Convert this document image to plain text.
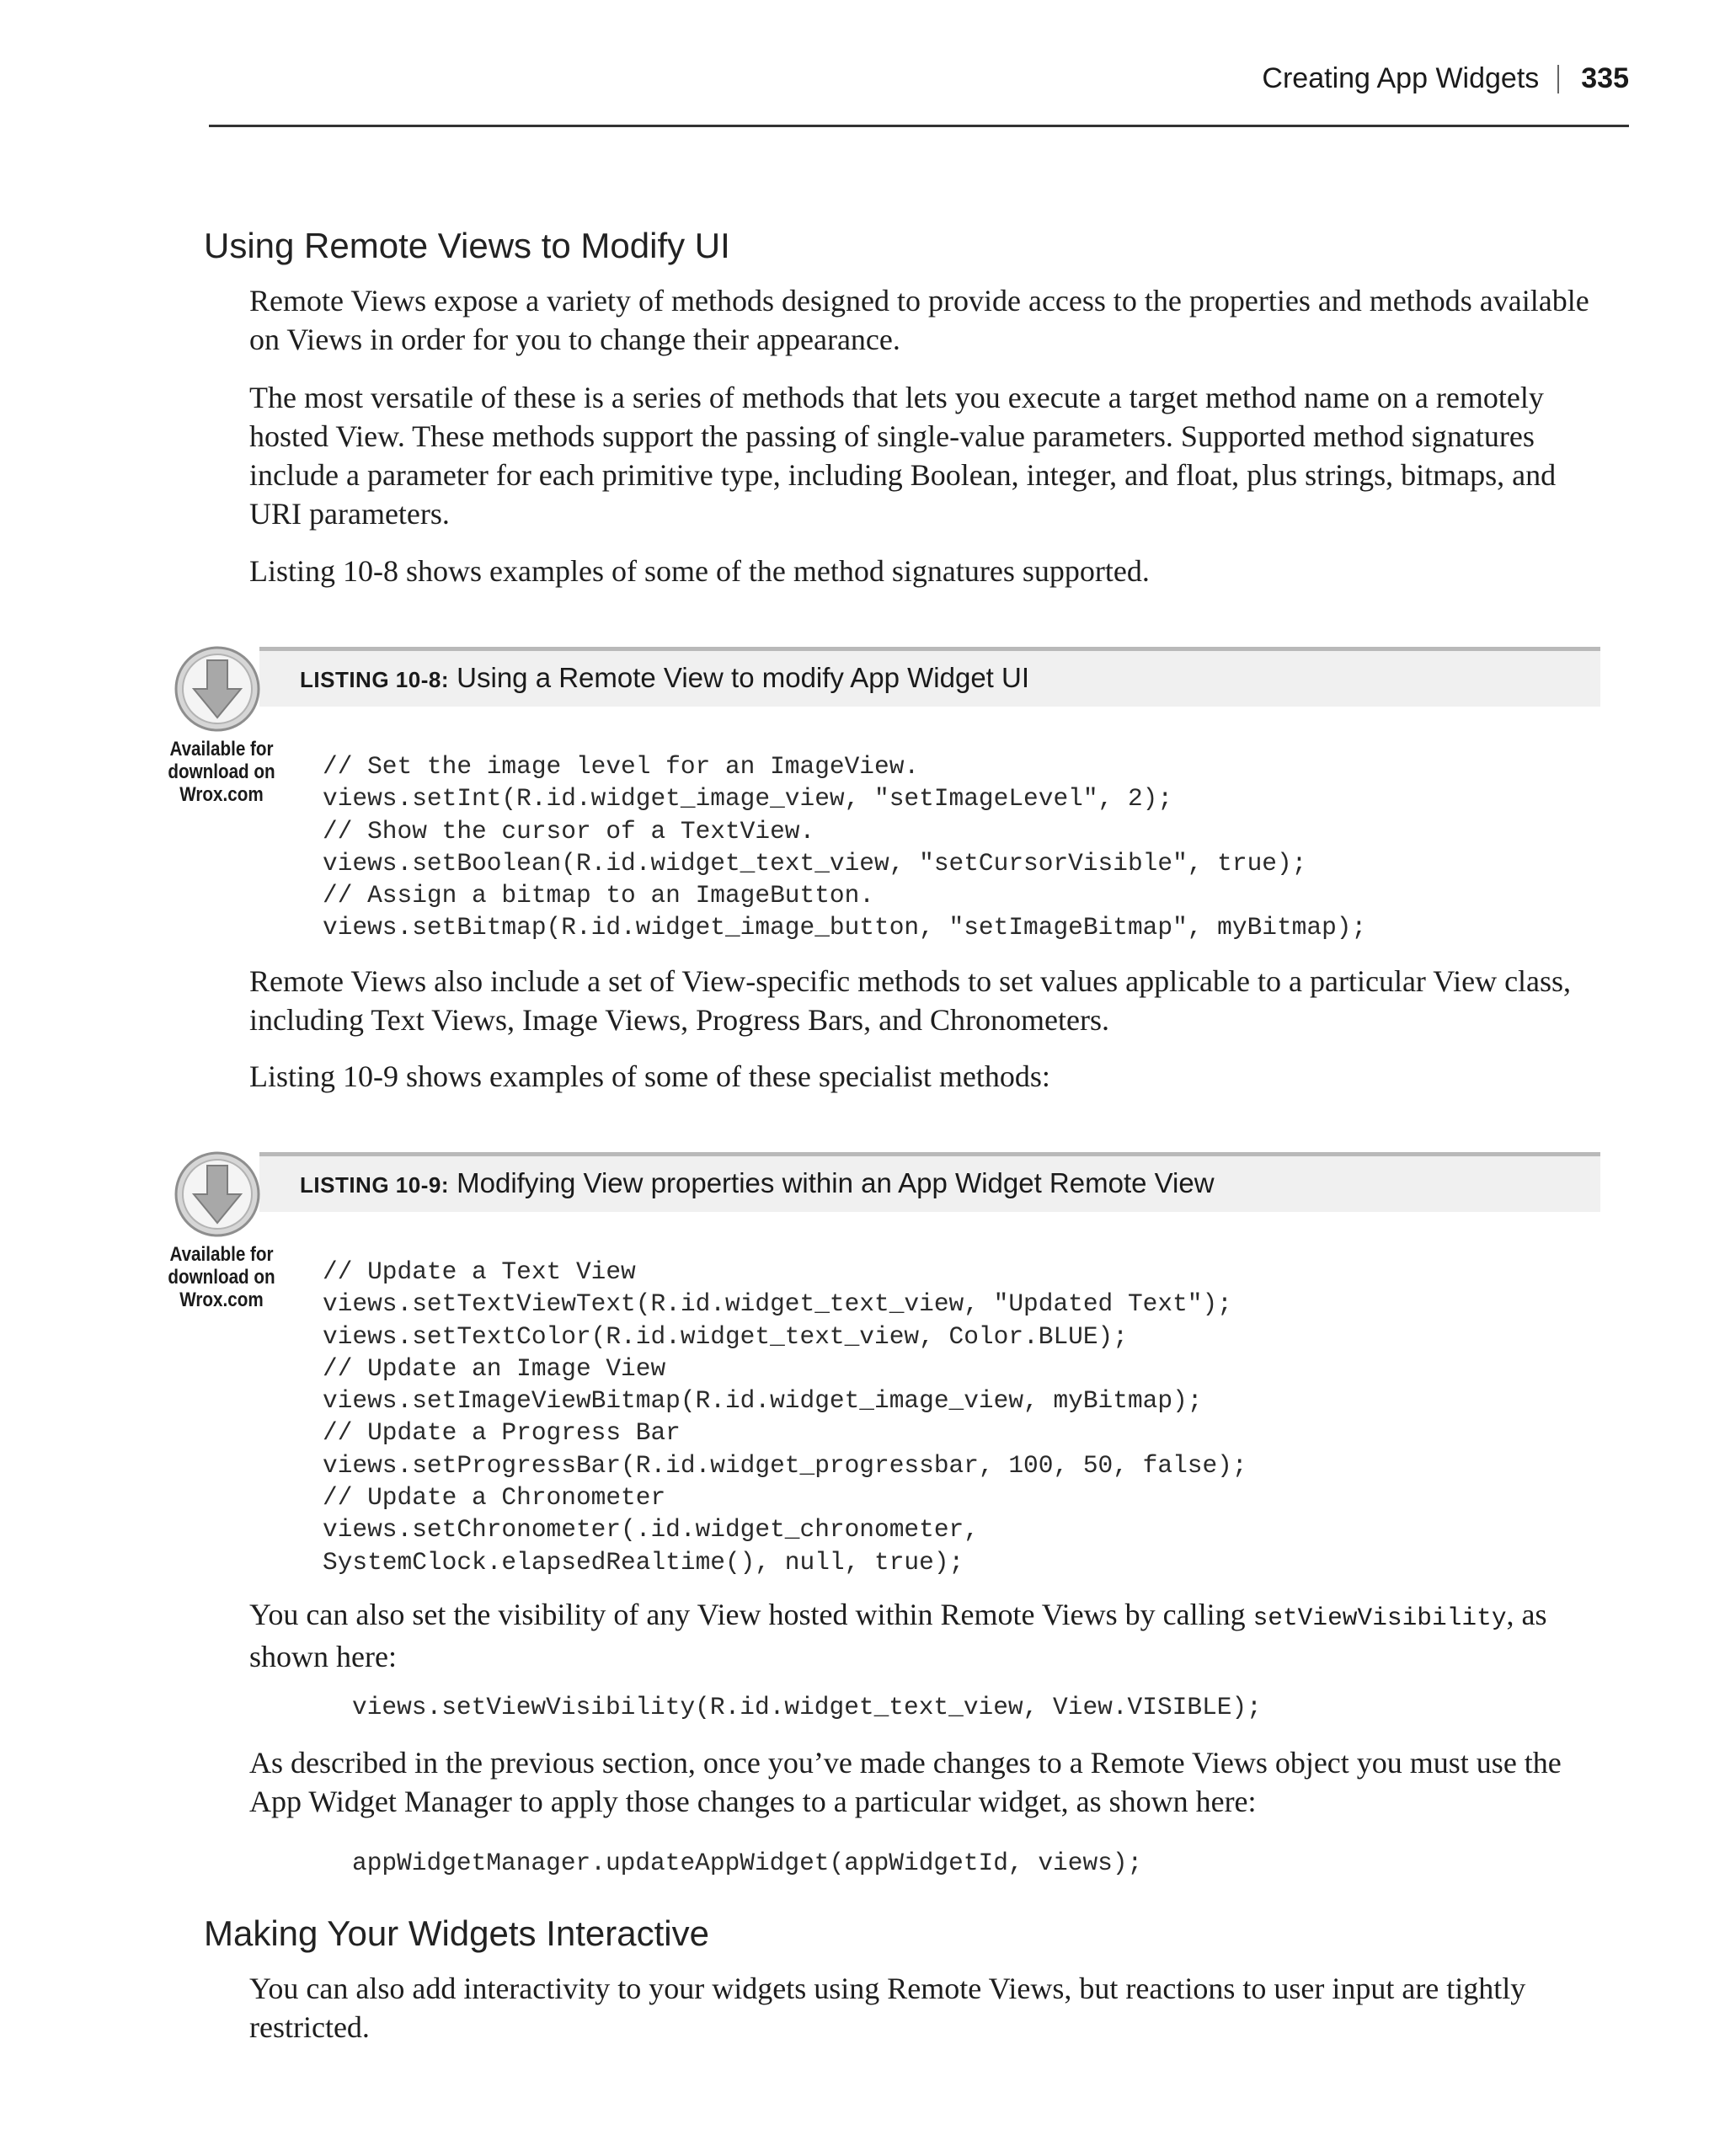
Creating App Widgets 335
Using Remote Views to Modify UI

Remote Views expose a variety of methods designed to provide access to the properties and methods available on Views in order for you to change their appearance.

The most versatile of these is a series of methods that lets you execute a target method name on a remotely hosted View. These methods support the passing of single-value parameters. Supported method signatures include a parameter for each primitive type, including Boolean, integer, and float, plus strings, bitmaps, and URI parameters.

Listing 10-8 shows examples of some of the method signatures supported.

LISTING 10-8: Using a Remote View to modify App Widget UI
Available for
download on
Wrox.com
// Set the image level for an ImageView.
views.setInt(R.id.widget_image_view, "setImageLevel", 2);
// Show the cursor of a TextView.
views.setBoolean(R.id.widget_text_view, "setCursorVisible", true);
// Assign a bitmap to an ImageButton.
views.setBitmap(R.id.widget_image_button, "setImageBitmap", myBitmap);

Remote Views also include a set of View-specific methods to set values applicable to a particular View class, including Text Views, Image Views, Progress Bars, and Chronometers.

Listing 10-9 shows examples of some of these specialist methods:

LISTING 10-9: Modifying View properties within an App Widget Remote View
Available for
download on
Wrox.com
// Update a Text View
views.setTextViewText(R.id.widget_text_view, "Updated Text");
views.setTextColor(R.id.widget_text_view, Color.BLUE);
// Update an Image View
views.setImageViewBitmap(R.id.widget_image_view, myBitmap);
// Update a Progress Bar
views.setProgressBar(R.id.widget_progressbar, 100, 50, false);
// Update a Chronometer
views.setChronometer(.id.widget_chronometer,
SystemClock.elapsedRealtime(), null, true);

You can also set the visibility of any View hosted within Remote Views by calling setViewVisibility, as shown here:

views.setViewVisibility(R.id.widget_text_view, View.VISIBLE);

As described in the previous section, once you’ve made changes to a Remote Views object you must use the App Widget Manager to apply those changes to a particular widget, as shown here:

appWidgetManager.updateAppWidget(appWidgetId, views);
Making Your Widgets Interactive

You can also add interactivity to your widgets using Remote Views, but reactions to user input are tightly restricted.
